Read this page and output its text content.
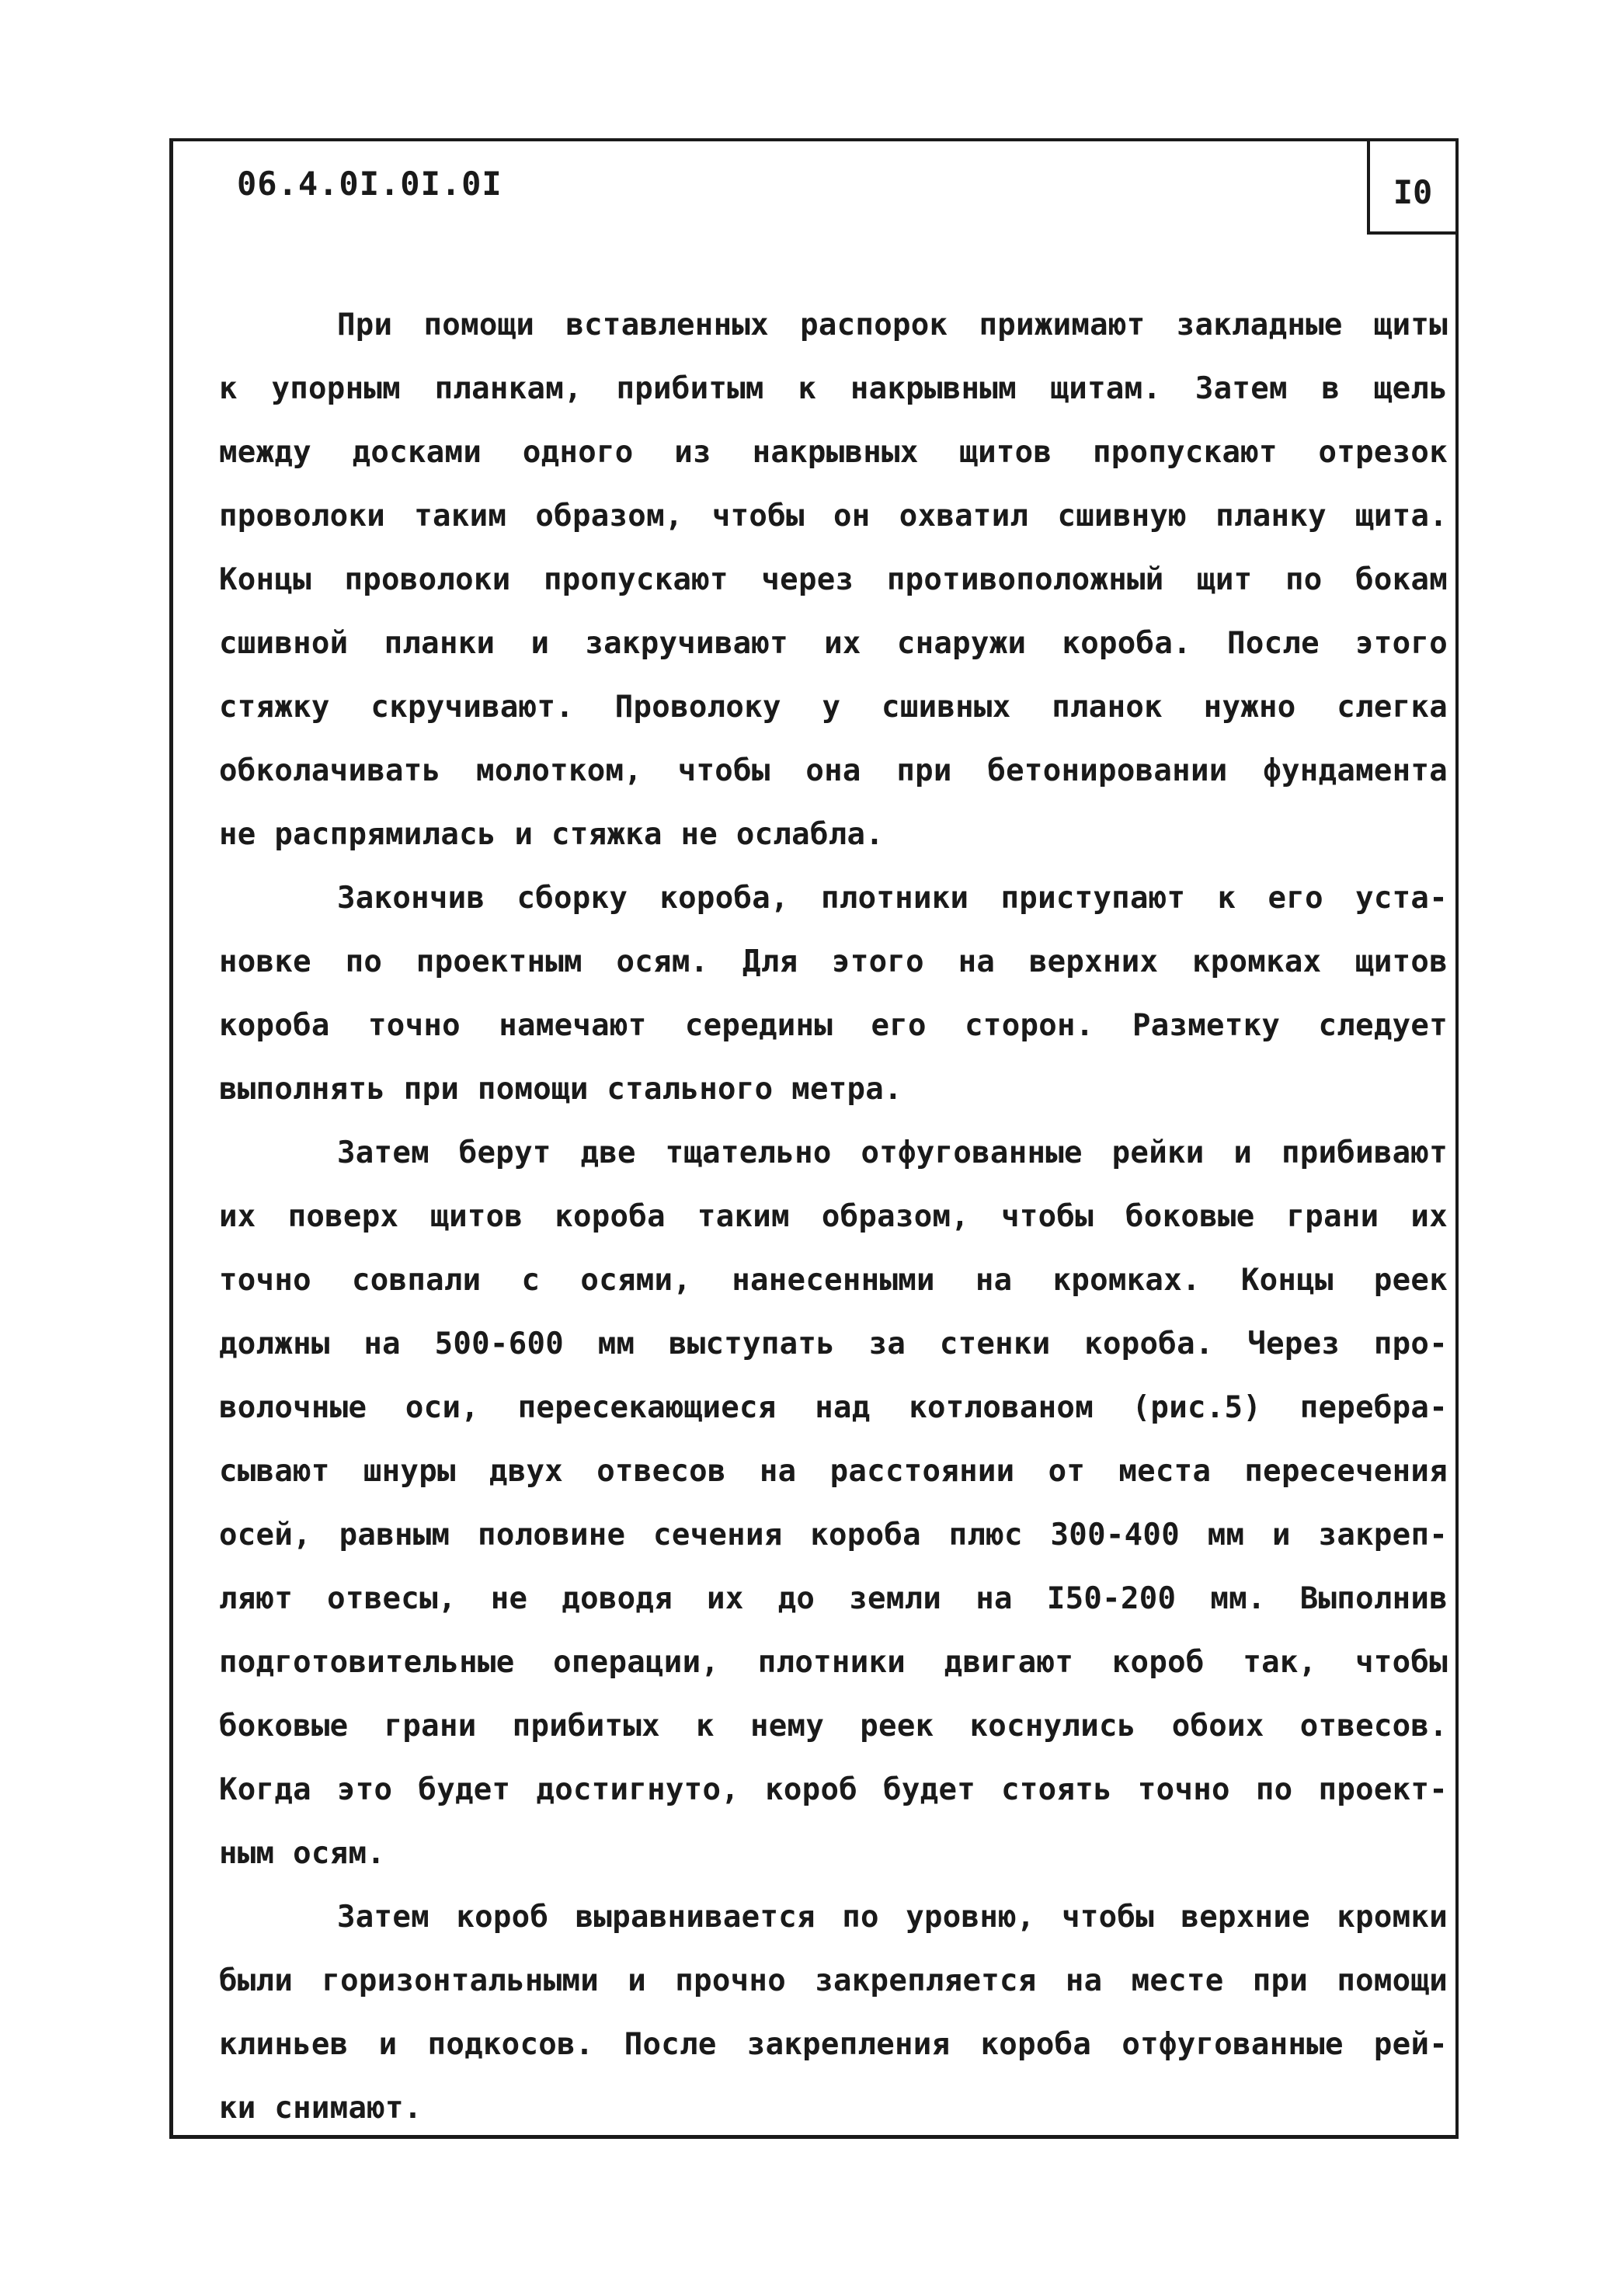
06.4.0I.0I.0I	I0
При помощи вставленных распорок прижимают закладные щиты
к упорным планкам, прибитым к накрывным щитам. Затем в щель
между досками одного из накрывных щитов пропускают отрезок
проволоки таким образом, чтобы он охватил сшивную планку щита.
Концы проволоки пропускают через противоположный щит по бокам
сшивной планки и закручивают их снаружи короба. После этого
стяжку скручивают. Проволоку у сшивных планок нужно слегка
обколачивать молотком, чтобы она при бетонировании фундамента
не распрямилась и стяжка не ослабла.
Закончив сборку короба, плотники приступают к его уста-
новке по проектным осям. Для этого на верхних кромках щитов
короба точно намечают середины его сторон. Разметку следует
выполнять при помощи стального метра.
Затем берут две тщательно отфугованные рейки и прибивают
их поверх щитов короба таким образом, чтобы боковые грани их
точно совпали с осями, нанесенными на кромках. Концы реек
должны на 500-600 мм выступать за стенки короба. Через про-
волочные оси, пересекающиеся над котлованом (рис.5) перебра-
сывают шнуры двух отвесов на расстоянии от места пересечения
осей, равным половине сечения короба плюс 300-400 мм и закреп-
ляют отвесы, не доводя их до земли на I50-200 мм. Выполнив
подготовительные операции, плотники двигают короб так, чтобы
боковые грани прибитых к нему реек коснулись обоих отвесов.
Когда это будет достигнуто, короб будет стоять точно по проект-
ным осям.
Затем короб выравнивается по уровню, чтобы верхние кромки
были горизонтальными и прочно закрепляется на месте при помощи
клиньев и подкосов. После закрепления короба отфугованные рей-
ки снимают.
